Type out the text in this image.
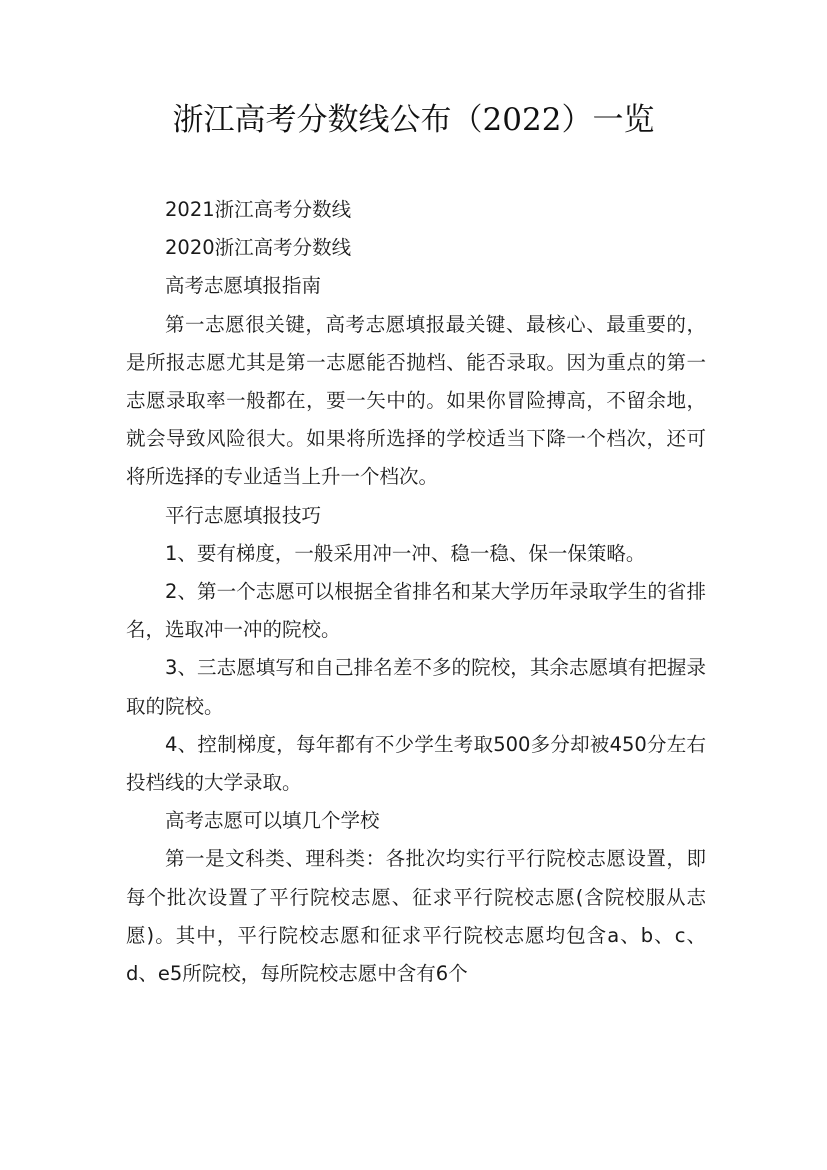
浙江高考分数线公布（2022）一览

2021浙江高考分数线

2020浙江高考分数线

高考志愿填报指南

第一志愿很关键，高考志愿填报最关键、最核心、最重要的，是所报志愿尤其是第一志愿能否抛档、能否录取。因为重点的第一志愿录取率一般都在，要一矢中的。如果你冒险搏高，不留余地，就会导致风险很大。如果将所选择的学校适当下降一个档次，还可将所选择的专业适当上升一个档次。

平行志愿填报技巧

1、要有梯度，一般采用冲一冲、稳一稳、保一保策略。

2、第一个志愿可以根据全省排名和某大学历年录取学生的省排名，选取冲一冲的院校。

3、三志愿填写和自己排名差不多的院校，其余志愿填有把握录取的院校。

4、控制梯度，每年都有不少学生考取500多分却被450分左右投档线的大学录取。

高考志愿可以填几个学校

第一是文科类、理科类：各批次均实行平行院校志愿设置，即每个批次设置了平行院校志愿、征求平行院校志愿(含院校服从志愿)。其中，平行院校志愿和征求平行院校志愿均包含a、b、c、d、e5所院校，每所院校志愿中含有6个
